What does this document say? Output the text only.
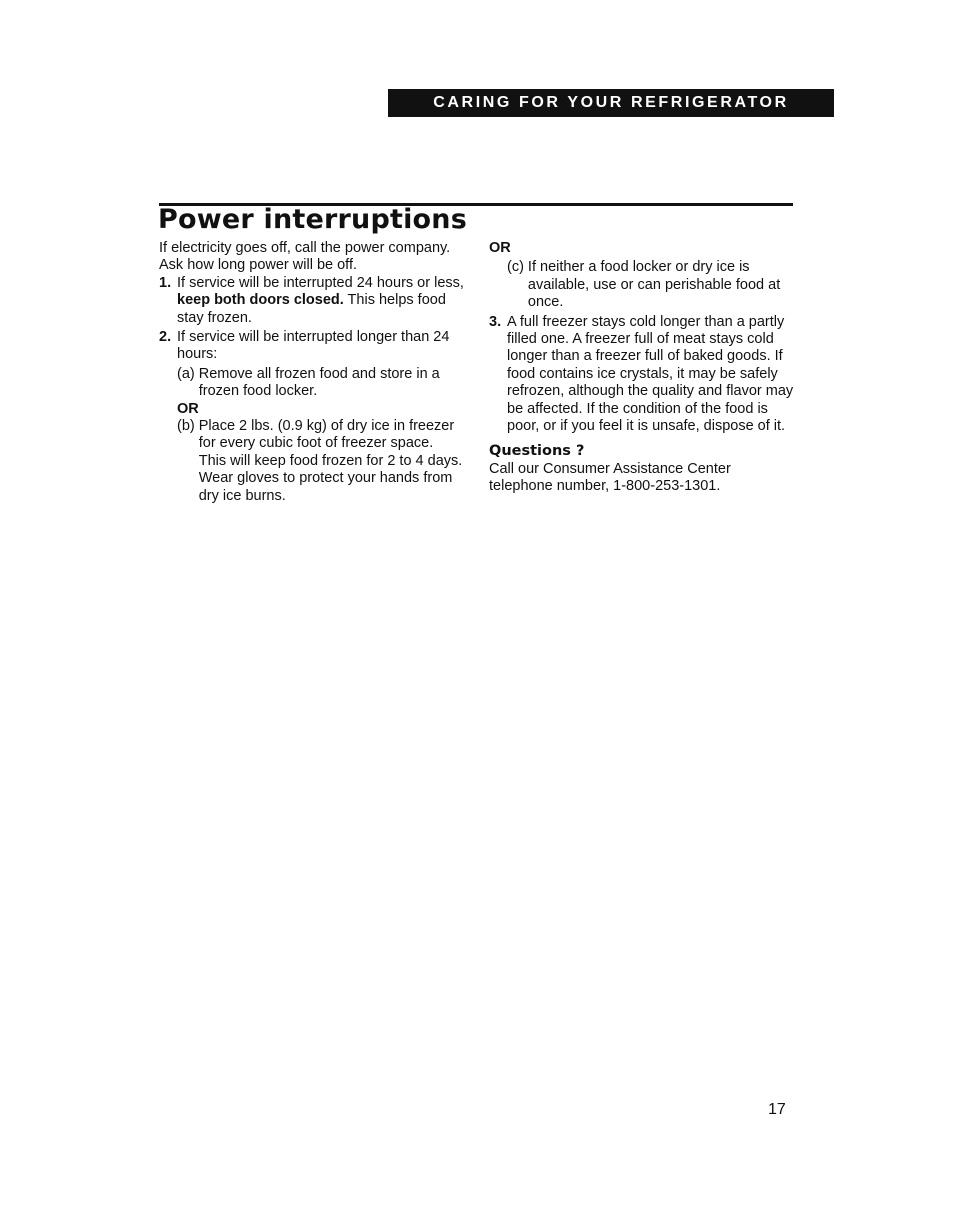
CARING FOR YOUR REFRIGERATOR
Power interruptions

If electricity goes off, call the power company. Ask how long power will be off.

1. If service will be interrupted 24 hours or less, keep both doors closed. This helps food stay frozen.
2. If service will be interrupted longer than 24 hours:
(a) Remove all frozen food and store in a frozen food locker.
OR
(b) Place 2 lbs. (0.9 kg) of dry ice in freezer for every cubic foot of freezer space. This will keep food frozen for 2 to 4 days. Wear gloves to protect your hands from dry ice burns.
OR
(c) If neither a food locker or dry ice is available, use or can perishable food at once.
3. A full freezer stays cold longer than a partly filled one. A freezer full of meat stays cold longer than a freezer full of baked goods. If food contains ice crystals, it may be safely refrozen, although the quality and flavor may be affected. If the condition of the food is poor, or if you feel it is unsafe, dispose of it.
Questions ?

Call our Consumer Assistance Center telephone number, 1-800-253-1301.

17
